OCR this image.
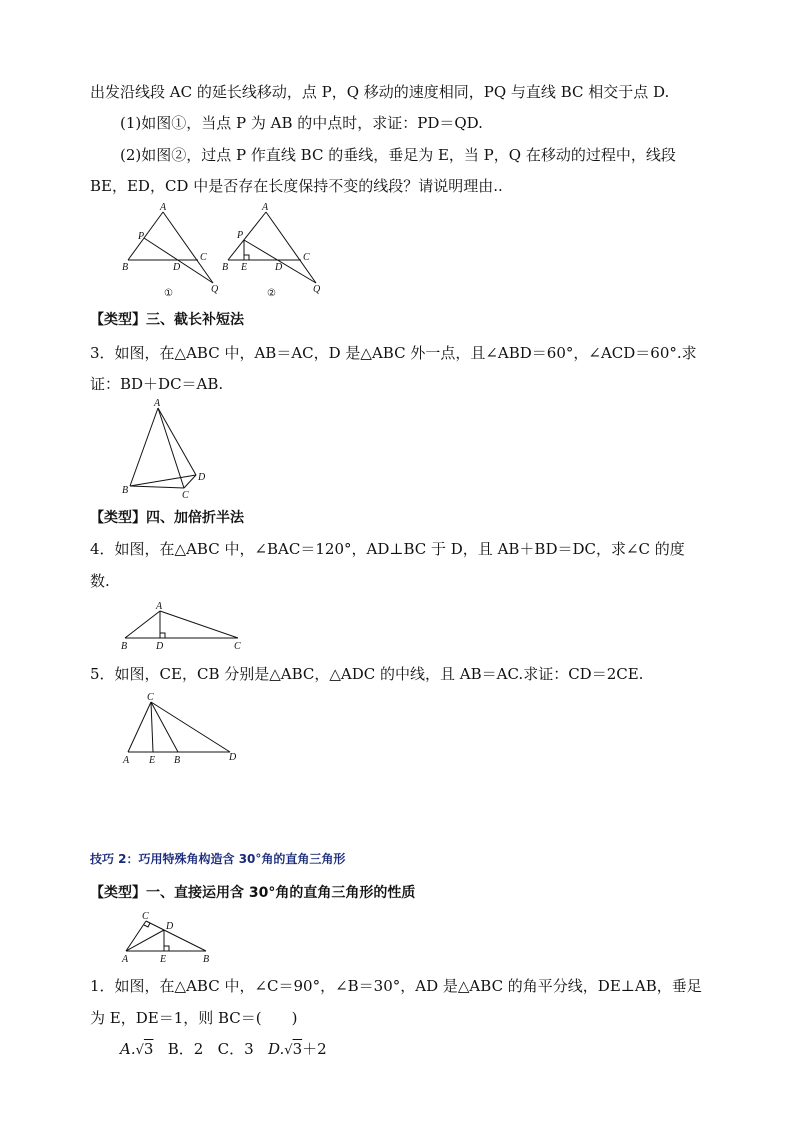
出发沿线段 AC 的延长线移动，点 P，Q 移动的速度相同，PQ 与直线 BC 相交于点 D.
(1)如图①，当点 P 为 AB 的中点时，求证：PD＝QD.
(2)如图②，过点 P 作直线 BC 的垂线，垂足为 E，当 P，Q 在移动的过程中，线段
BE，ED，CD 中是否存在长度保持不变的线段？请说明理由..
A
P
B
C
D
Q
①
A
P
B E
C
D
Q
②
【类型】三、截长补短法
3．如图，在△ABC 中，AB＝AC，D 是△ABC 外一点，且∠ABD＝60°，∠ACD＝60°.求
证：BD＋DC＝AB.
A
B	C
D
【类型】四、加倍折半法
4．如图，在△ABC 中，∠BAC＝120°，AD⊥BC 于 D，且 AB＋BD＝DC，求∠C 的度
数.
A
B	D	C
5．如图，CE，CB 分别是△ABC，△ADC 的中线，且 AB＝AC.求证：CD＝2CE.
C
A E B	D
技巧 2：巧用特殊角构造含 30°角的直角三角形
【类型】一、直接运用含 30°角的直角三角形的性质
C
D
A	E	B
1．如图，在△ABC 中，∠C＝90°，∠B＝30°，AD 是△ABC 的角平分线，DE⊥AB，垂足
为 E，DE＝1，则 BC＝(　　)
A.√3 B．2 C．3 D.√3＋2
